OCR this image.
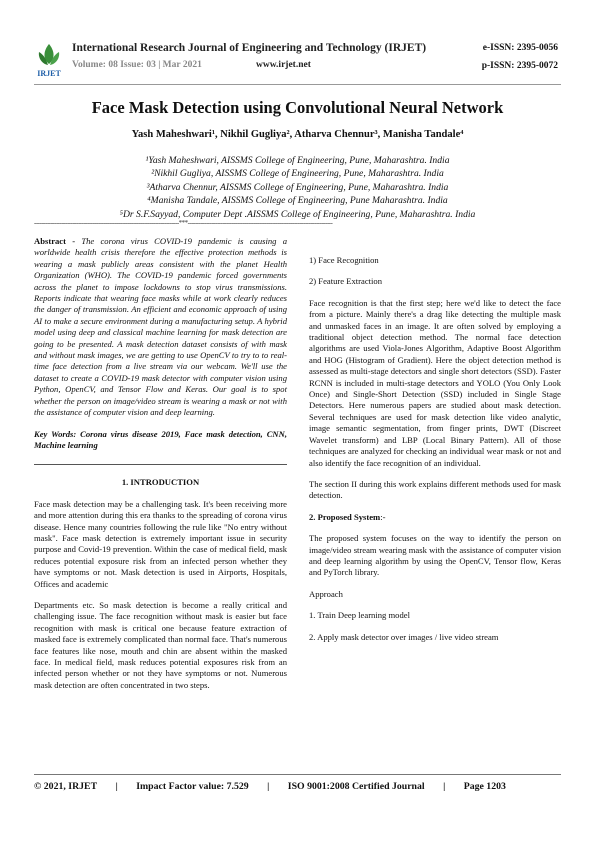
IRJET
International Research Journal of Engineering and Technology (IRJET)
Volume: 08 Issue: 03 | Mar 2021	www.irjet.net
e-ISSN: 2395-0056
p-ISSN: 2395-0072
Face Mask Detection using Convolutional Neural Network
Yash Maheshwari¹, Nikhil Gugliya², Atharva Chennur³, Manisha Tandale⁴
¹Yash Maheshwari, AISSMS College of Engineering, Pune, Maharashtra. India
²Nikhil Gugliya, AISSMS College of Engineering, Pune, Maharashtra. India
³Atharva Chennur, AISSMS College of Engineering, Pune, Maharashtra. India
⁴Manisha Tandale, AISSMS College of Engineering, Pune Maharashtra. India
⁵Dr S.F.Sayyad, Computer Dept .AISSMS College of Engineering, Pune, Maharashtra. India
-------------------------------------------------------------------------------***-------------------------------------------------------------------------------

Abstract - The corona virus COVID-19 pandemic is causing a worldwide health crisis therefore the effective protection methods is wearing a mask publicly areas consistent with the planet Health Organization (WHO). The COVID-19 pandemic forced governments across the planet to impose lockdowns to stop virus transmissions. Reports indicate that wearing face masks while at work clearly reduces the danger of transmission. An efficient and economic approach of using AI to make a secure environment during a manufacturing setup. A hybrid model using deep and classical machine learning for mask detection are going to be presented. A mask detection dataset consists of with mask and without mask images, we are getting to use OpenCV to try to to real-time face detection from a live stream via our webcam. We'll use the dataset to create a COVID-19 mask detector with computer vision using Python, OpenCV, and Tensor Flow and Keras. Our goal is to spot whether the person on image/video stream is wearing a mask or not with the assistance of computer vision and deep learning.

Key Words: Corona virus disease 2019, Face mask detection, CNN, Machine learning

1. INTRODUCTION

Face mask detection may be a challenging task. It's been receiving more and more attention during this era thanks to the spreading of corona virus disease. Hence many countries following the rule like "No entry without mask". Face mask detection is extremely important issue in security purpose and Covid-19 prevention. Within the case of medical field, mask reduces potential exposure risk from an infected person whether they have symptoms or not. Mask detection is used in Airports, Hospitals, Offices and academic

Departments etc. So mask detection is become a really critical and challenging issue. The face recognition without mask is easier but face recognition with mask is critical one because feature extraction of masked face is extremely complicated than normal face. That's numerous face features like nose, mouth and chin are absent within the masked face. In medical field, mask reduces potential exposures risk from an infected person whether or not they have symptoms or not. Numerous mask detection are often concentrated in two steps.

1) Face Recognition

2) Feature Extraction

Face recognition is that the first step; here we'd like to detect the face from a picture. Mainly there's a drag like detecting the multiple mask and unmasked faces in an image. It are often solved by employing a traditional object detection method. The normal face detection algorithms are used Viola-Jones Algorithm, Adaptive Boost Algorithm and HOG (Histogram of Gradient). Here the object detection method is assessed as multi-stage detectors and single short detectors (SSD). Faster RCNN is included in multi-stage detectors and YOLO (You Only Look Once) and Single-Short Detection (SSD) included in Single Stage Detectors. Here numerous papers are studied about mask detection. Several techniques are used for mask detection like video analytic, image semantic segmentation, from finger prints, DWT (Discreet Wavelet transform) and LBP (Local Binary Pattern). All of those techniques are analyzed for checking an individual wear mask or not and also identify the face recognition of an individual.

The section II during this work explains different methods used for mask detection.

2. Proposed System:-

The proposed system focuses on the way to identify the person on image/video stream wearing mask with the assistance of computer vision and deep learning algorithm by using the OpenCV, Tensor flow, Keras and PyTorch library.

Approach

1. Train Deep learning model

2. Apply mask detector over images / live video stream

© 2021, IRJET | Impact Factor value: 7.529 | ISO 9001:2008 Certified Journal | Page 1203
